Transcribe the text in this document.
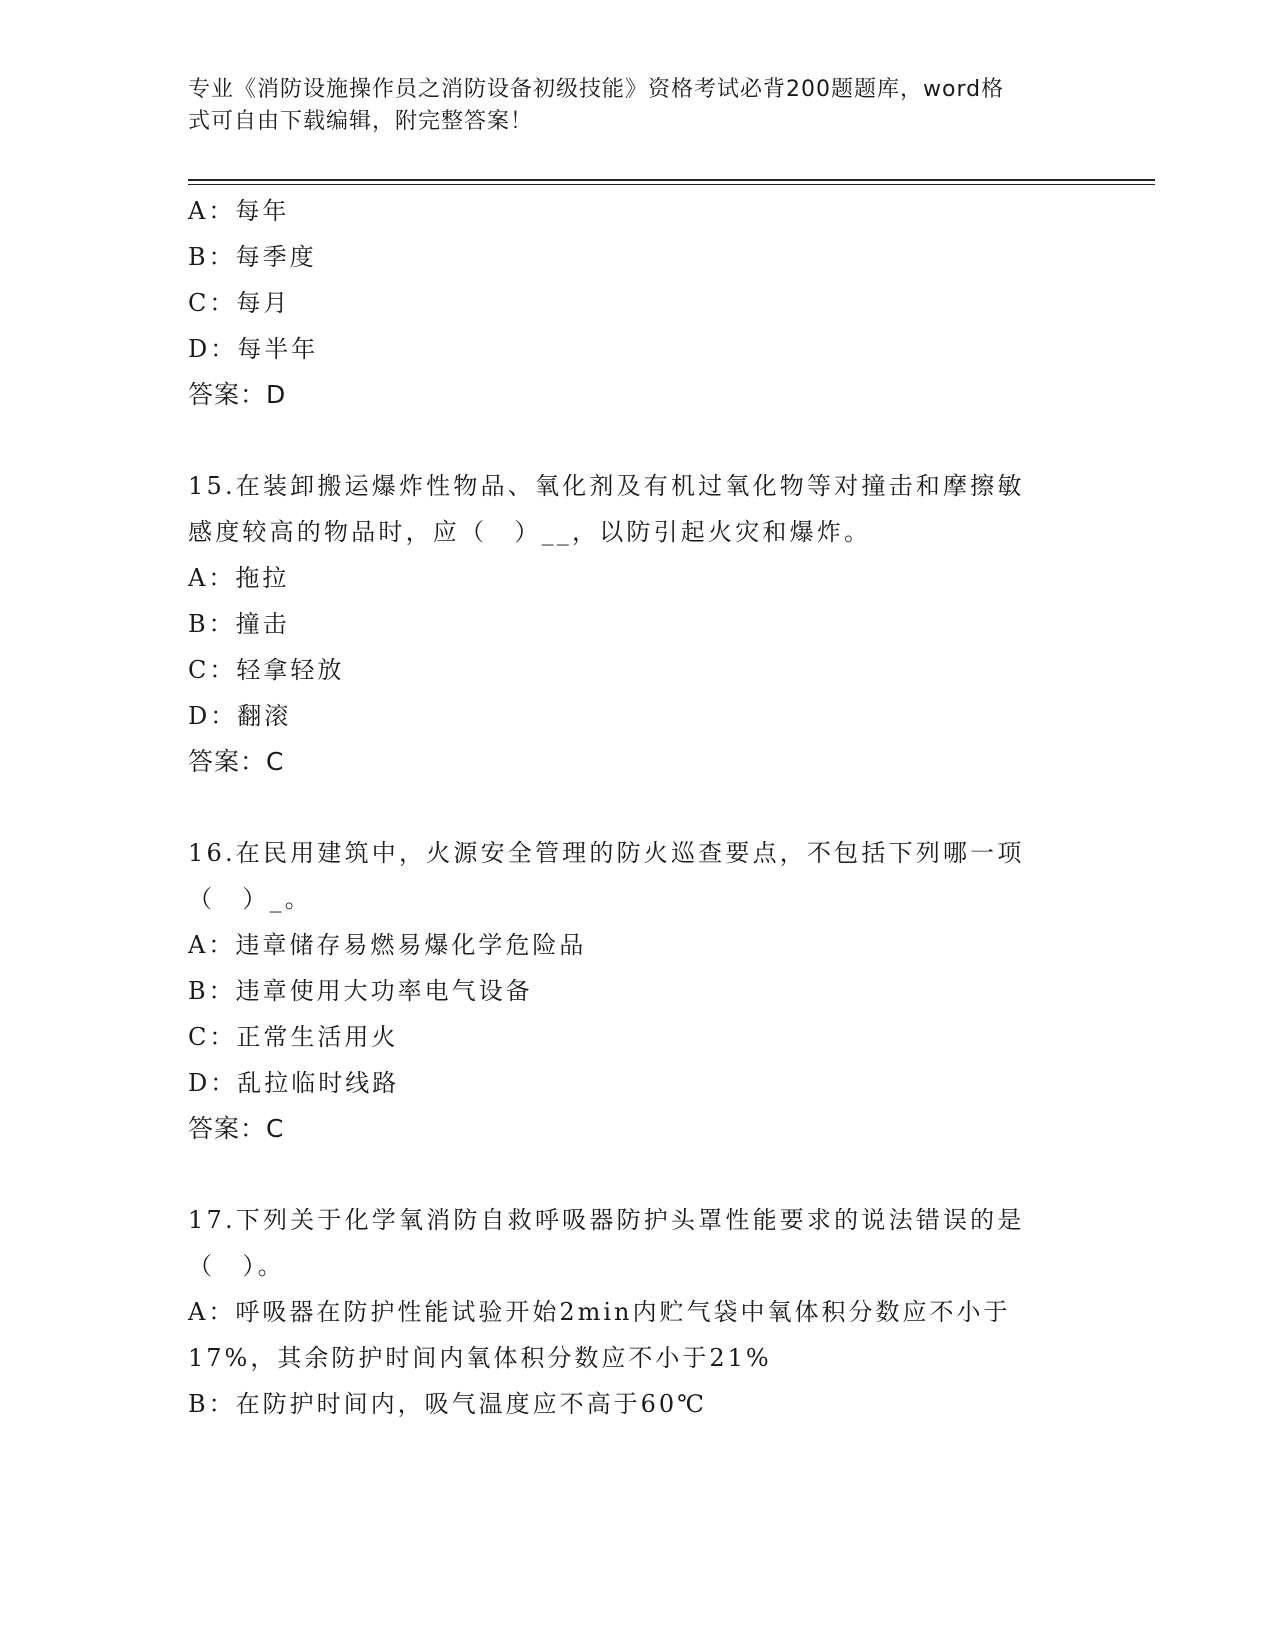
专业《消防设施操作员之消防设备初级技能》资格考试必背200题题库，word格
式可自由下载编辑，附完整答案！
A：每年
B：每季度
C：每月
D：每半年
答案：D
15.在装卸搬运爆炸性物品、氧化剂及有机过氧化物等对撞击和摩擦敏
感度较高的物品时，应（　）__，以防引起火灾和爆炸。
A：拖拉
B：撞击
C：轻拿轻放
D：翻滚
答案：C
16.在民用建筑中，火源安全管理的防火巡查要点，不包括下列哪一项
（　）_。
A：违章储存易燃易爆化学危险品
B：违章使用大功率电气设备
C：正常生活用火
D：乱拉临时线路
答案：C
17.下列关于化学氧消防自救呼吸器防护头罩性能要求的说法错误的是
（　）。
A：呼吸器在防护性能试验开始2min内贮气袋中氧体积分数应不小于
17%，其余防护时间内氧体积分数应不小于21%
B：在防护时间内，吸气温度应不高于60℃
